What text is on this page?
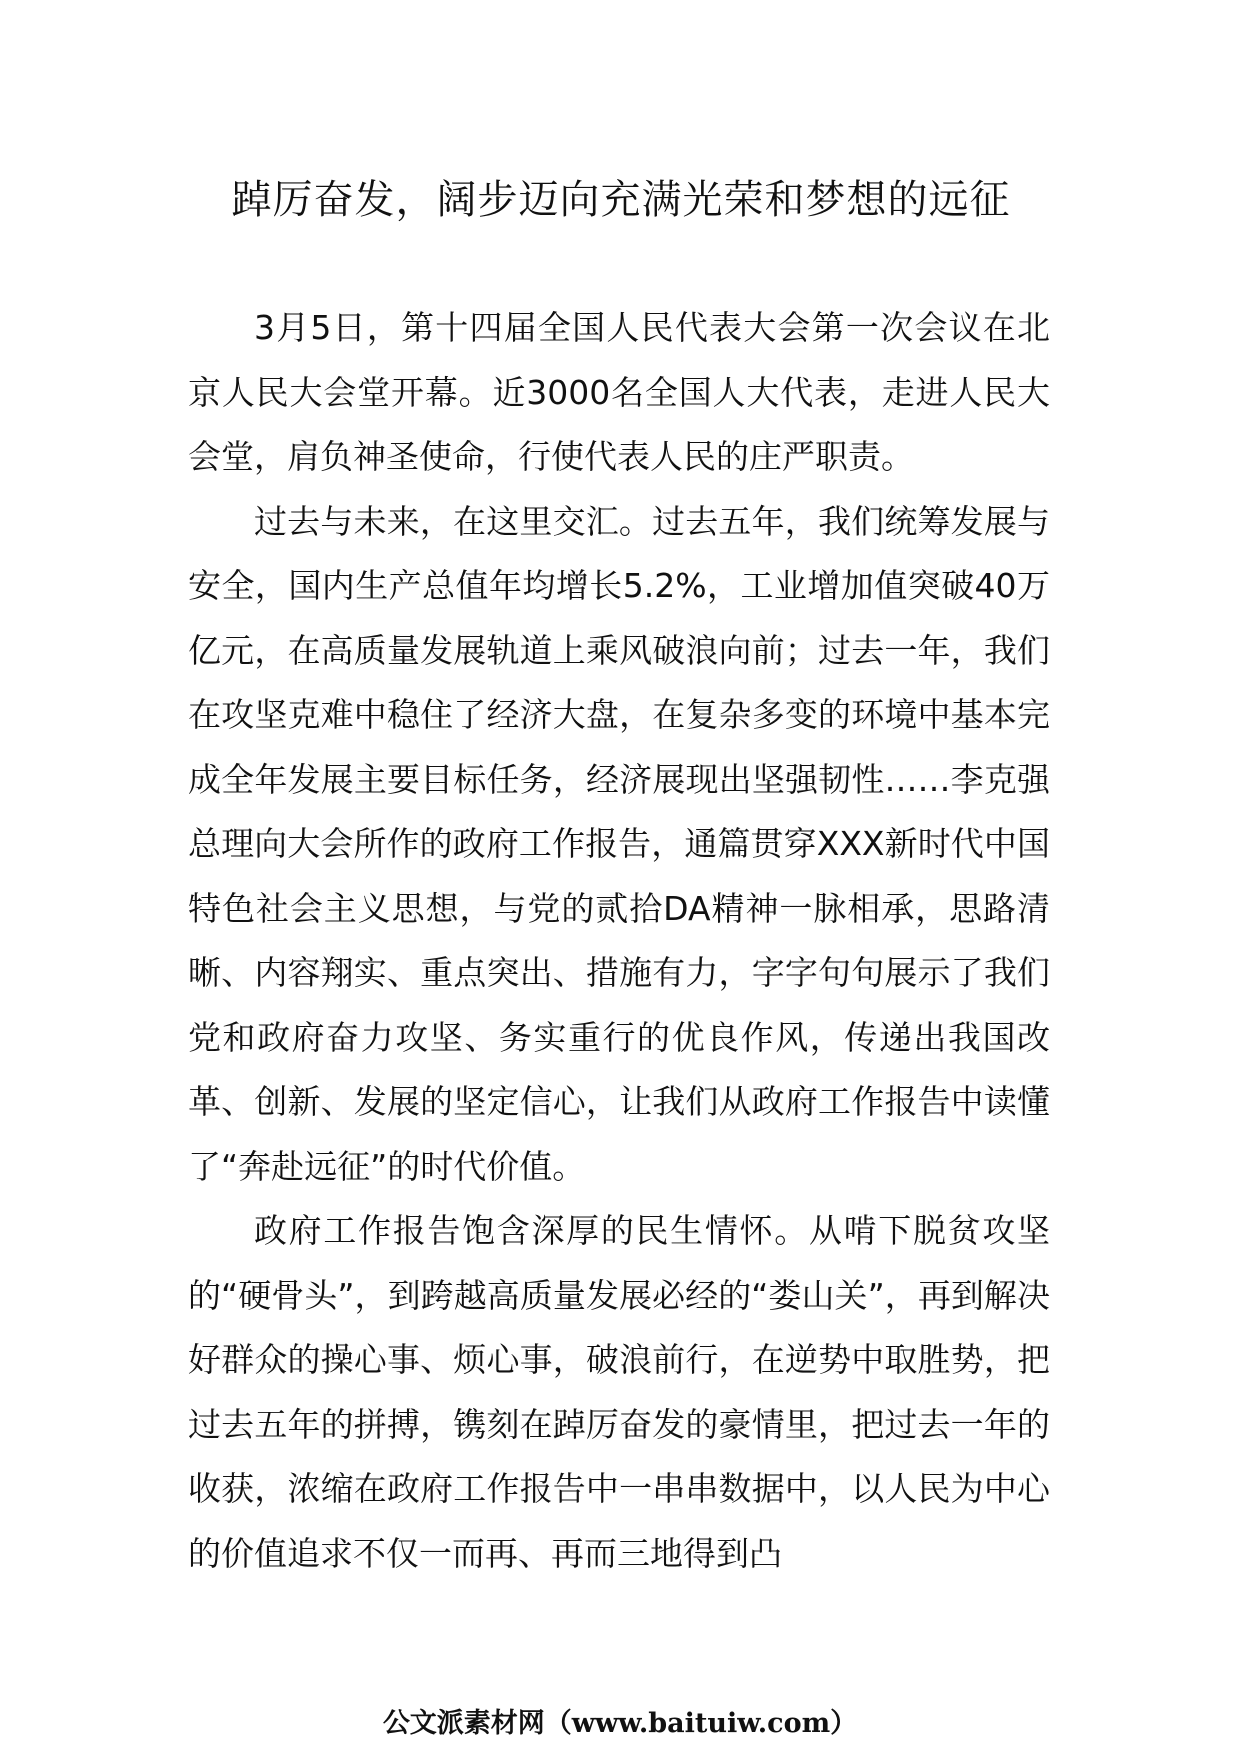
踔厉奋发，阔步迈向充满光荣和梦想的远征

3月5日，第十四届全国人民代表大会第一次会议在北京人民大会堂开幕。近3000名全国人大代表，走进人民大会堂，肩负神圣使命，行使代表人民的庄严职责。

过去与未来，在这里交汇。过去五年，我们统筹发展与安全，国内生产总值年均增长5.2%，工业增加值突破40万亿元，在高质量发展轨道上乘风破浪向前；过去一年，我们在攻坚克难中稳住了经济大盘，在复杂多变的环境中基本完成全年发展主要目标任务，经济展现出坚强韧性……李克强总理向大会所作的政府工作报告，通篇贯穿XXX新时代中国特色社会主义思想，与党的贰拾DA精神一脉相承，思路清晰、内容翔实、重点突出、措施有力，字字句句展示了我们党和政府奋力攻坚、务实重行的优良作风，传递出我国改革、创新、发展的坚定信心，让我们从政府工作报告中读懂了“奔赴远征”的时代价值。

政府工作报告饱含深厚的民生情怀。从啃下脱贫攻坚的“硬骨头”，到跨越高质量发展必经的“娄山关”，再到解决好群众的操心事、烦心事，破浪前行，在逆势中取胜势，把过去五年的拼搏，镌刻在踔厉奋发的豪情里，把过去一年的收获，浓缩在政府工作报告中一串串数据中，以人民为中心的价值追求不仅一而再、再而三地得到凸

公文派素材网（www.baituiw.com）
